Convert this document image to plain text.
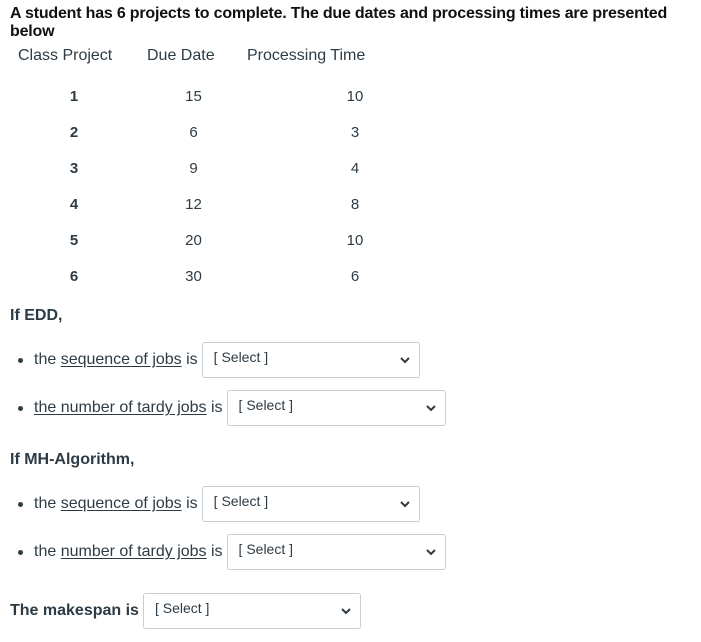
A student has 6 projects to complete. The due dates and processing times are presented below
Class Project	Due Date	Processing Time
1	15	10
2	6	3
3	9	4
4	12	8
5	20	10
6	30	6
If EDD,
the sequence of jobs is [ Select ]
the number of tardy jobs is [ Select ]
If MH-Algorithm,
the sequence of jobs is [ Select ]
the number of tardy jobs is [ Select ]
The makespan is [ Select ]
